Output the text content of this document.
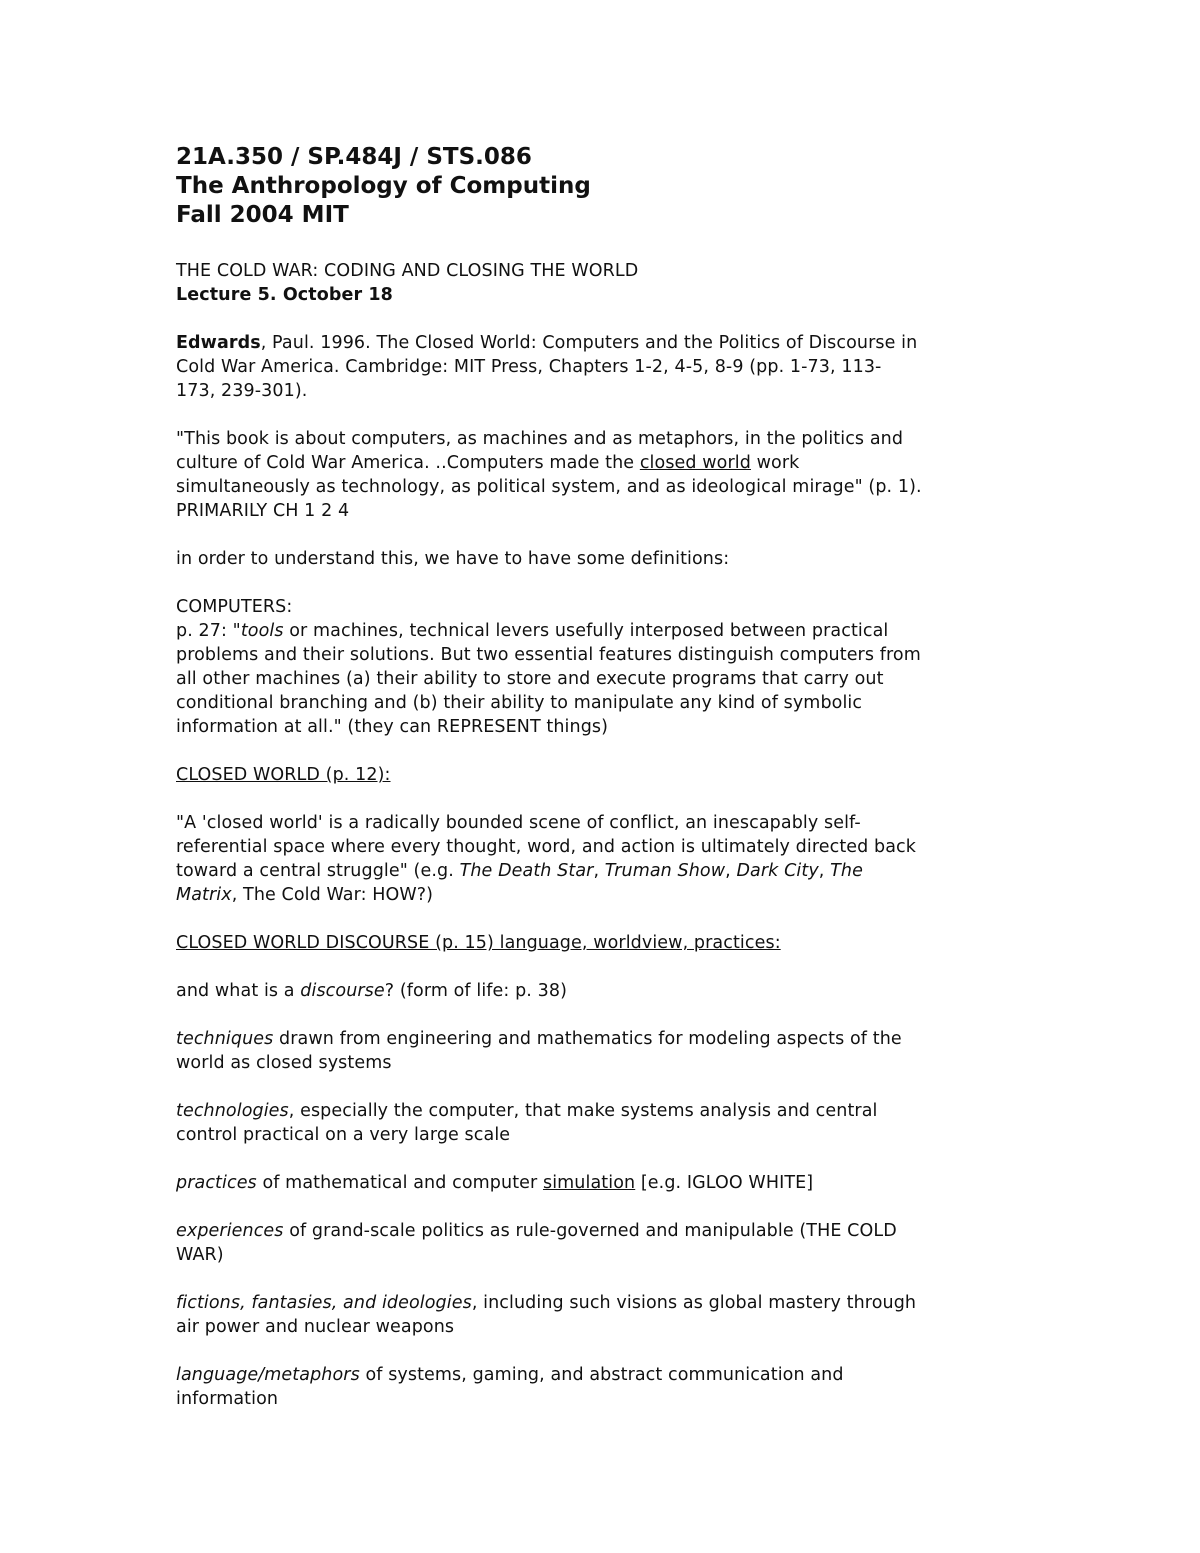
21A.350 / SP.484J / STS.086
The Anthropology of Computing
Fall 2004 MIT
THE COLD WAR: CODING AND CLOSING THE WORLD
Lecture 5. October 18
Edwards, Paul. 1996. The Closed World: Computers and the Politics of Discourse in
Cold War America. Cambridge: MIT Press, Chapters 1-2, 4-5, 8-9 (pp. 1-73, 113-
173, 239-301).
"This book is about computers, as machines and as metaphors, in the politics and
culture of Cold War America. ..Computers made the closed world work
simultaneously as technology, as political system, and as ideological mirage" (p. 1).
PRIMARILY CH 1 2 4
in order to understand this, we have to have some definitions:
COMPUTERS:
p. 27: "tools or machines, technical levers usefully interposed between practical
problems and their solutions. But two essential features distinguish computers from
all other machines (a) their ability to store and execute programs that carry out
conditional branching and (b) their ability to manipulate any kind of symbolic
information at all." (they can REPRESENT things)
CLOSED WORLD (p. 12):
"A 'closed world' is a radically bounded scene of conflict, an inescapably self-
referential space where every thought, word, and action is ultimately directed back
toward a central struggle" (e.g. The Death Star, Truman Show, Dark City, The
Matrix, The Cold War: HOW?)
CLOSED WORLD DISCOURSE (p. 15) language, worldview, practices:
and what is a discourse? (form of life: p. 38)
techniques drawn from engineering and mathematics for modeling aspects of the
world as closed systems
technologies, especially the computer, that make systems analysis and central
control practical on a very large scale
practices of mathematical and computer simulation [e.g. IGLOO WHITE]
experiences of grand-scale politics as rule-governed and manipulable (THE COLD
WAR)
fictions, fantasies, and ideologies, including such visions as global mastery through
air power and nuclear weapons
language/metaphors of systems, gaming, and abstract communication and
information
